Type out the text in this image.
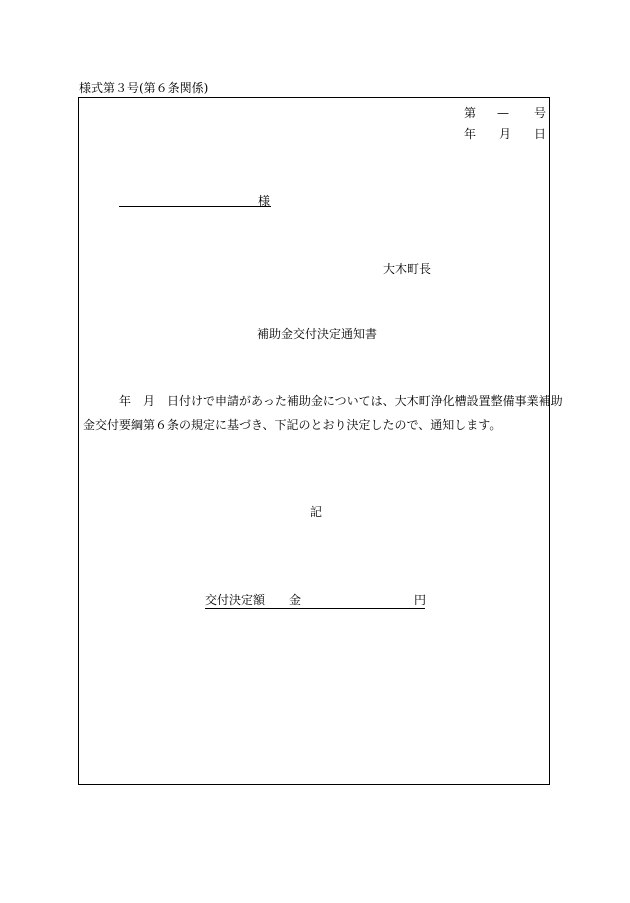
様式第３号(第６条関係)
第 — 号
年 月 日
様
大木町長
補助金交付決定通知書
年　月　日付けで申請があった補助金については、大木町浄化槽設置整備事業補助
金交付要綱第６条の規定に基づき、下記のとおり決定したので、通知します。
記
交付決定額 金	円
